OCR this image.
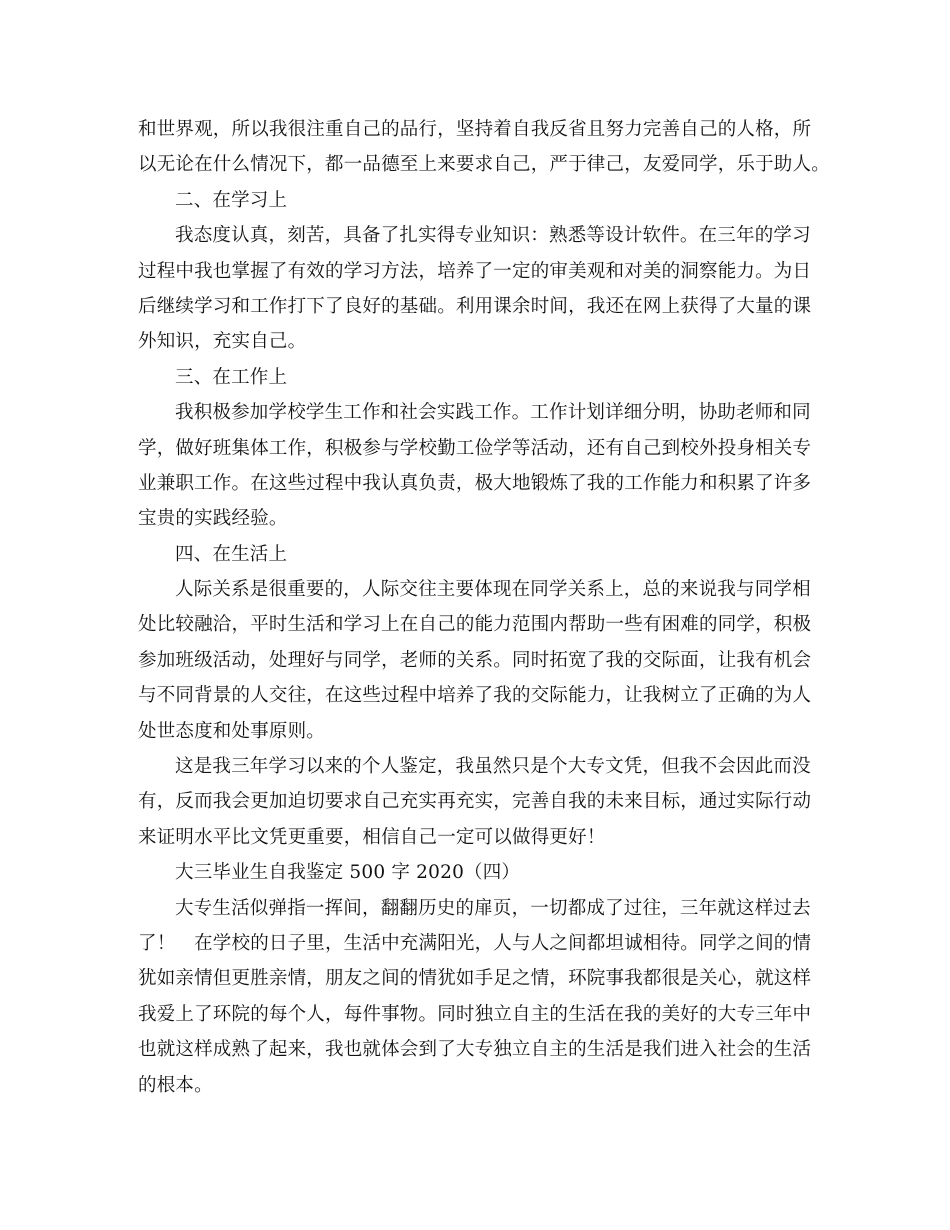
和世界观，所以我很注重自己的品行，坚持着自我反省且努力完善自己的人格，所
以无论在什么情况下，都一品德至上来要求自己，严于律己，友爱同学，乐于助人。
二、在学习上
我态度认真，刻苦，具备了扎实得专业知识：熟悉等设计软件。在三年的学习
过程中我也掌握了有效的学习方法，培养了一定的审美观和对美的洞察能力。为日
后继续学习和工作打下了良好的基础。利用课余时间，我还在网上获得了大量的课
外知识，充实自己。
三、在工作上
我积极参加学校学生工作和社会实践工作。工作计划详细分明，协助老师和同
学，做好班集体工作，积极参与学校勤工俭学等活动，还有自己到校外投身相关专
业兼职工作。在这些过程中我认真负责，极大地锻炼了我的工作能力和积累了许多
宝贵的实践经验。
四、在生活上
人际关系是很重要的，人际交往主要体现在同学关系上，总的来说我与同学相
处比较融洽，平时生活和学习上在自己的能力范围内帮助一些有困难的同学，积极
参加班级活动，处理好与同学，老师的关系。同时拓宽了我的交际面，让我有机会
与不同背景的人交往，在这些过程中培养了我的交际能力，让我树立了正确的为人
处世态度和处事原则。
这是我三年学习以来的个人鉴定，我虽然只是个大专文凭，但我不会因此而没
有，反而我会更加迫切要求自己充实再充实，完善自我的未来目标，通过实际行动
来证明水平比文凭更重要，相信自己一定可以做得更好！
大三毕业生自我鉴定 500 字 2020（四）
大专生活似弹指一挥间，翻翻历史的扉页，一切都成了过往，三年就这样过去
了！　在学校的日子里，生活中充满阳光，人与人之间都坦诚相待。同学之间的情
犹如亲情但更胜亲情，朋友之间的情犹如手足之情，环院事我都很是关心，就这样
我爱上了环院的每个人，每件事物。同时独立自主的生活在我的美好的大专三年中
也就这样成熟了起来，我也就体会到了大专独立自主的生活是我们进入社会的生活
的根本。
